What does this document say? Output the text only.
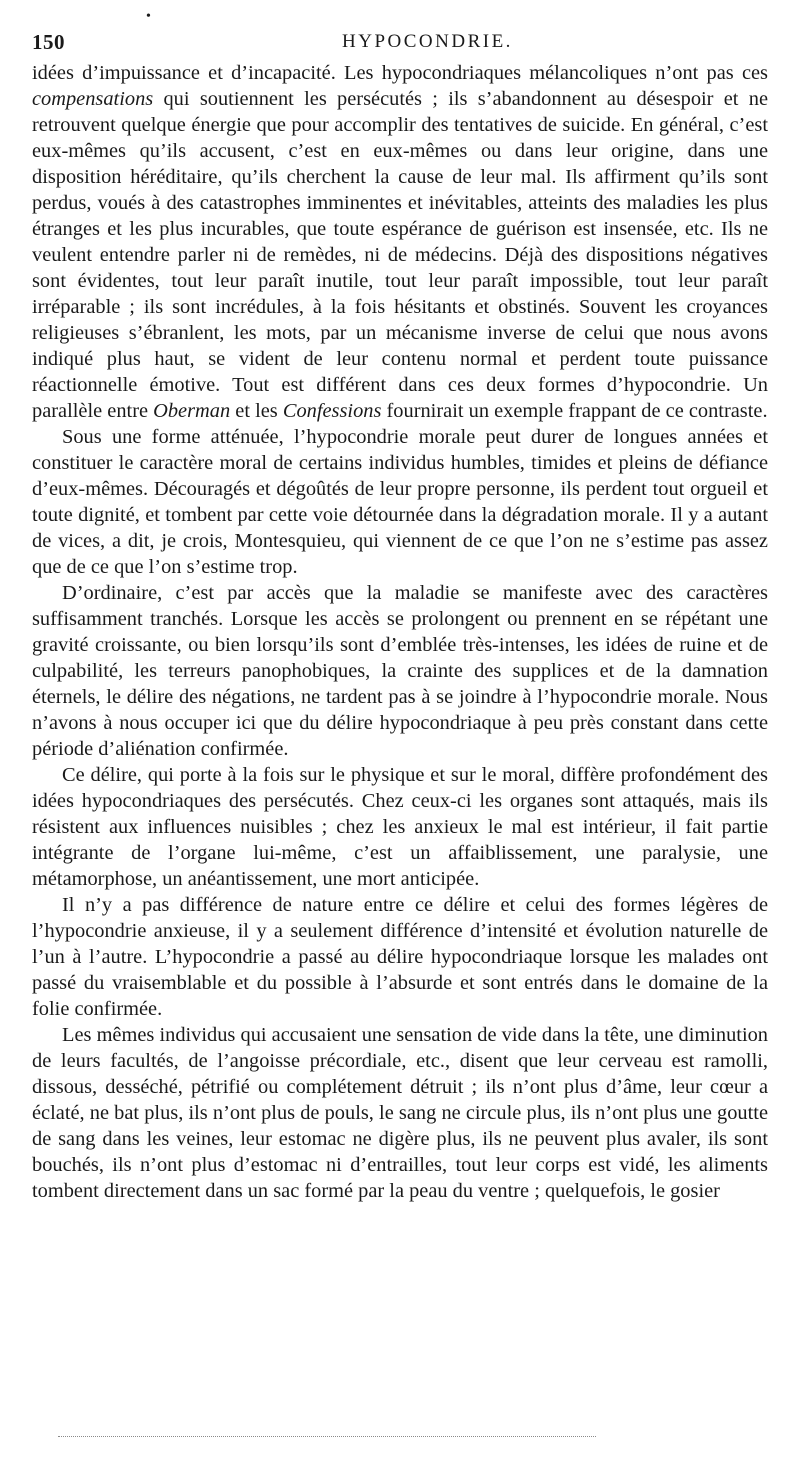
•
150	HYPOCONDRIE.

idées d’impuissance et d’incapacité. Les hypocondriaques mélancoliques n’ont pas ces compensations qui soutiennent les persécutés ; ils s’abandonnent au désespoir et ne retrouvent quelque énergie que pour accomplir des tentatives de suicide. En général, c’est eux-mêmes qu’ils accusent, c’est en eux-mêmes ou dans leur origine, dans une disposition héréditaire, qu’ils cherchent la cause de leur mal. Ils affirment qu’ils sont perdus, voués à des catastrophes imminentes et inévitables, atteints des maladies les plus étranges et les plus incurables, que toute espérance de guérison est insensée, etc. Ils ne veulent entendre parler ni de remèdes, ni de médecins. Déjà des dispositions négatives sont évidentes, tout leur paraît inutile, tout leur paraît impossible, tout leur paraît irréparable ; ils sont incrédules, à la fois hésitants et obstinés. Souvent les croyances religieuses s’ébranlent, les mots, par un mécanisme inverse de celui que nous avons indiqué plus haut, se vident de leur contenu normal et perdent toute puissance réactionnelle émotive. Tout est différent dans ces deux formes d’hypocondrie. Un parallèle entre Oberman et les Confessions fournirait un exemple frappant de ce contraste.

Sous une forme atténuée, l’hypocondrie morale peut durer de longues années et constituer le caractère moral de certains individus humbles, timides et pleins de défiance d’eux-mêmes. Découragés et dégoûtés de leur propre personne, ils perdent tout orgueil et toute dignité, et tombent par cette voie détournée dans la dégradation morale. Il y a autant de vices, a dit, je crois, Montesquieu, qui viennent de ce que l’on ne s’estime pas assez que de ce que l’on s’estime trop.

D’ordinaire, c’est par accès que la maladie se manifeste avec des caractères suffisamment tranchés. Lorsque les accès se prolongent ou prennent en se répétant une gravité croissante, ou bien lorsqu’ils sont d’emblée très-intenses, les idées de ruine et de culpabilité, les terreurs panophobiques, la crainte des supplices et de la damnation éternels, le délire des négations, ne tardent pas à se joindre à l’hypocondrie morale. Nous n’avons à nous occuper ici que du délire hypocondriaque à peu près constant dans cette période d’aliénation confirmée.

Ce délire, qui porte à la fois sur le physique et sur le moral, diffère profondément des idées hypocondriaques des persécutés. Chez ceux-ci les organes sont attaqués, mais ils résistent aux influences nuisibles ; chez les anxieux le mal est intérieur, il fait partie intégrante de l’organe lui-même, c’est un affaiblissement, une paralysie, une métamorphose, un anéantissement, une mort anticipée.

Il n’y a pas différence de nature entre ce délire et celui des formes légères de l’hypocondrie anxieuse, il y a seulement différence d’intensité et évolution naturelle de l’un à l’autre. L’hypocondrie a passé au délire hypocondriaque lorsque les malades ont passé du vraisemblable et du possible à l’absurde et sont entrés dans le domaine de la folie confirmée.

Les mêmes individus qui accusaient une sensation de vide dans la tête, une diminution de leurs facultés, de l’angoisse précordiale, etc., disent que leur cerveau est ramolli, dissous, desséché, pétrifié ou complétement détruit ; ils n’ont plus d’âme, leur cœur a éclaté, ne bat plus, ils n’ont plus de pouls, le sang ne circule plus, ils n’ont plus une goutte de sang dans les veines, leur estomac ne digère plus, ils ne peuvent plus avaler, ils sont bouchés, ils n’ont plus d’estomac ni d’entrailles, tout leur corps est vidé, les aliments tombent directement dans un sac formé par la peau du ventre ; quelquefois, le gosier
